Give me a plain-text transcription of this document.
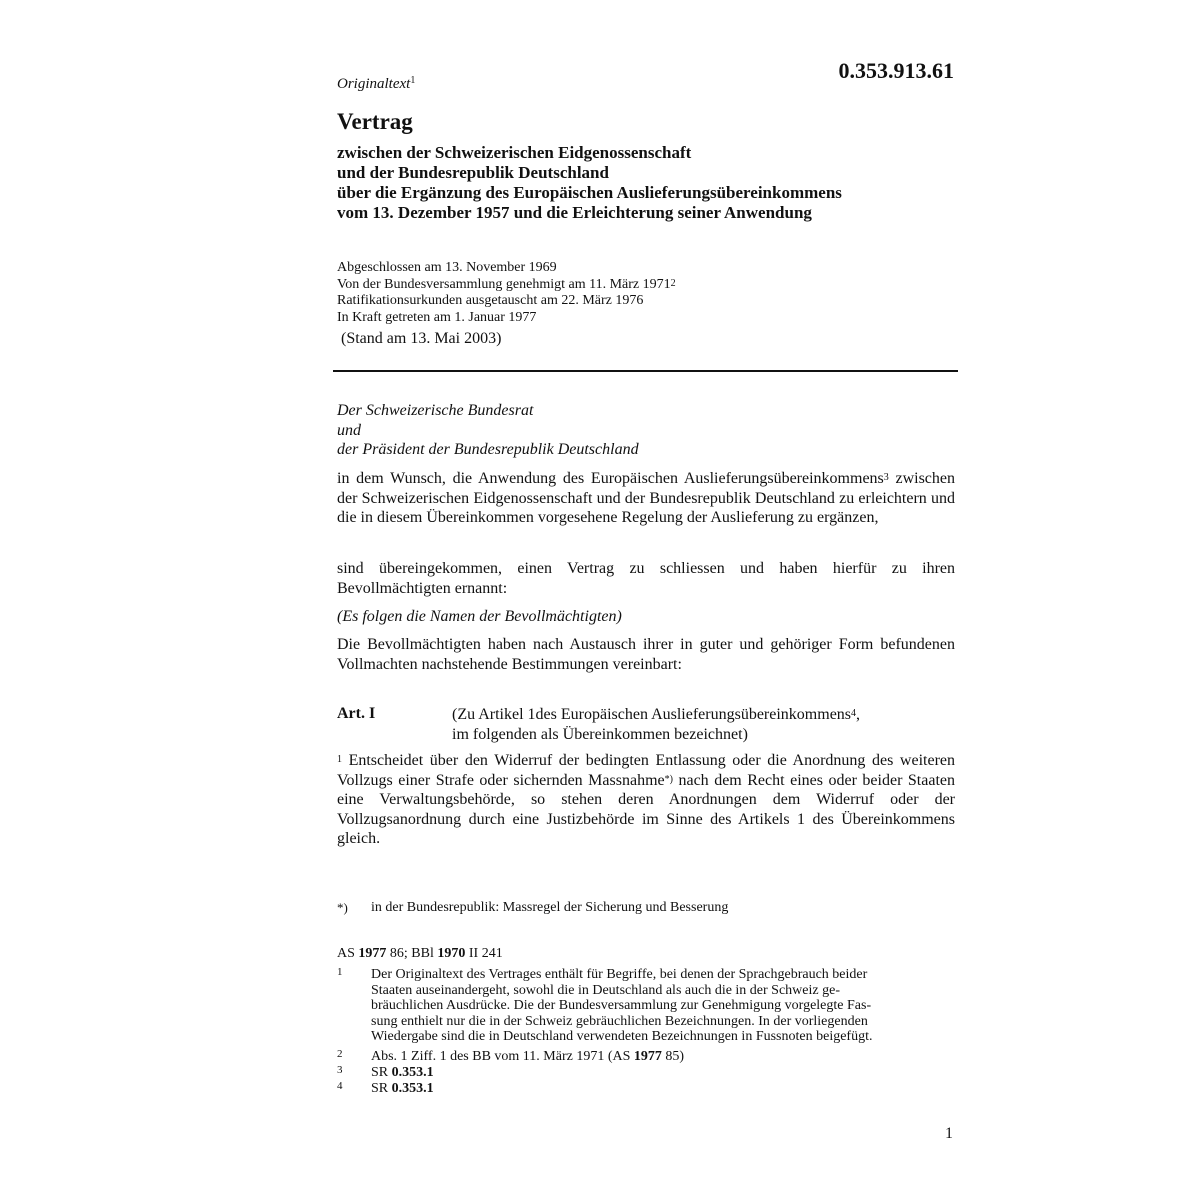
0.353.913.61
Originaltext$^1$
Vertrag
zwischen der Schweizerischen Eidgenossenschaft
und der Bundesrepublik Deutschland
über die Ergänzung des Europäischen Auslieferungsübereinkommens
vom 13. Dezember 1957 und die Erleichterung seiner Anwendung
Abgeschlossen am 13. November 1969
Von der Bundesversammlung genehmigt am 11. März 1971$^2$
Ratifikationsurkunden ausgetauscht am 22. März 1976
In Kraft getreten am 1. Januar 1977
(Stand am 13. Mai 2003)
Der Schweizerische Bundesrat
und
der Präsident der Bundesrepublik Deutschland
in dem Wunsch, die Anwendung des Europäischen Auslieferungsübereinkommens$^3$ zwischen der Schweizerischen Eidgenossenschaft und der Bundesrepublik Deutschland zu erleichtern und die in diesem Übereinkommen vorgesehene Regelung der Auslieferung zu ergänzen,
sind übereingekommen, einen Vertrag zu schliessen und haben hierfür zu ihren Bevollmächtigten ernannt:
(Es folgen die Namen der Bevollmächtigten)
Die Bevollmächtigten haben nach Austausch ihrer in guter und gehöriger Form befundenen Vollmachten nachstehende Bestimmungen vereinbart:
Art. I	(Zu Artikel 1des Europäischen Auslieferungsübereinkommens$^4$,
im folgenden als Übereinkommen bezeichnet)
$^1$ Entscheidet über den Widerruf der bedingten Entlassung oder die Anordnung des weiteren Vollzugs einer Strafe oder sichernden Massnahme*) nach dem Recht eines oder beider Staaten eine Verwaltungsbehörde, so stehen deren Anordnungen dem Widerruf oder der Vollzugsanordnung durch eine Justizbehörde im Sinne des Artikels 1 des Übereinkommens gleich.
*) in der Bundesrepublik: Massregel der Sicherung und Besserung
AS 1977 86; BBl 1970 II 241
1 Der Originaltext des Vertrages enthält für Begriffe, bei denen der Sprachgebrauch beider
Staaten auseinandergeht, sowohl die in Deutschland als auch die in der Schweiz ge-
bräuchlichen Ausdrücke. Die der Bundesversammlung zur Genehmigung vorgelegte Fas-
sung enthielt nur die in der Schweiz gebräuchlichen Bezeichnungen. In der vorliegenden
Wiedergabe sind die in Deutschland verwendeten Bezeichnungen in Fussnoten beigefügt.
2 Abs. 1 Ziff. 1 des BB vom 11. März 1971 (AS 1977 85)
3 SR 0.353.1
4 SR 0.353.1
1
